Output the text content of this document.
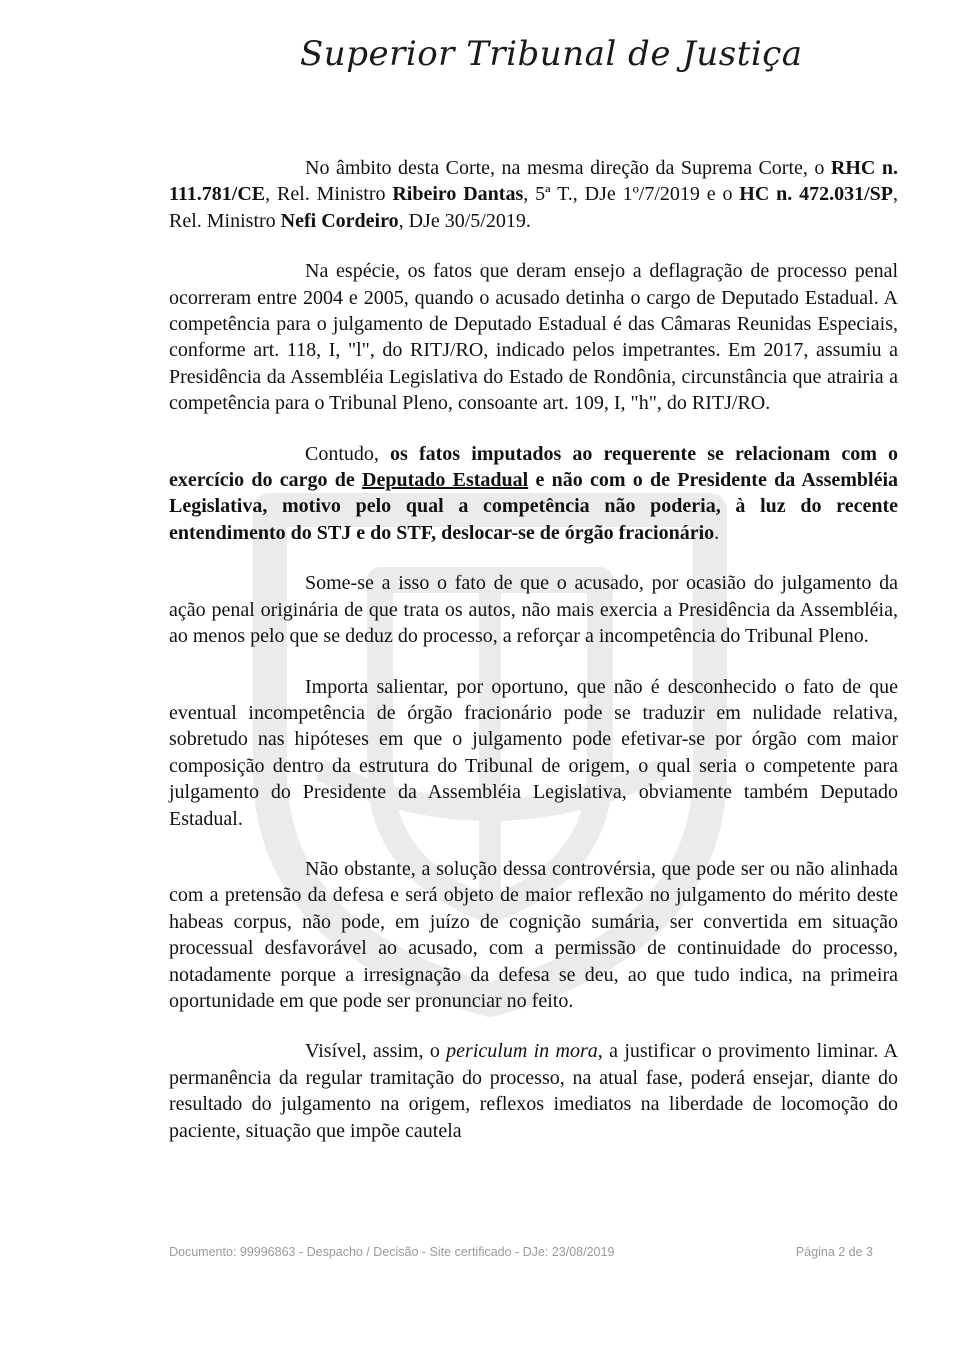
Superior Tribunal de Justiça

No âmbito desta Corte, na mesma direção da Suprema Corte, o RHC n. 111.781/CE, Rel. Ministro Ribeiro Dantas, 5ª T., DJe 1º/7/2019 e o HC n. 472.031/SP, Rel. Ministro Nefi Cordeiro, DJe 30/5/2019.

Na espécie, os fatos que deram ensejo a deflagração de processo penal ocorreram entre 2004 e 2005, quando o acusado detinha o cargo de Deputado Estadual. A competência para o julgamento de Deputado Estadual é das Câmaras Reunidas Especiais, conforme art. 118, I, "l", do RITJ/RO, indicado pelos impetrantes. Em 2017, assumiu a Presidência da Assembléia Legislativa do Estado de Rondônia, circunstância que atrairia a competência para o Tribunal Pleno, consoante art. 109, I, "h", do RITJ/RO.

Contudo, os fatos imputados ao requerente se relacionam com o exercício do cargo de Deputado Estadual e não com o de Presidente da Assembléia Legislativa, motivo pelo qual a competência não poderia, à luz do recente entendimento do STJ e do STF, deslocar-se de órgão fracionário.

Some-se a isso o fato de que o acusado, por ocasião do julgamento da ação penal originária de que trata os autos, não mais exercia a Presidência da Assembléia, ao menos pelo que se deduz do processo, a reforçar a incompetência do Tribunal Pleno.

Importa salientar, por oportuno, que não é desconhecido o fato de que eventual incompetência de órgão fracionário pode se traduzir em nulidade relativa, sobretudo nas hipóteses em que o julgamento pode efetivar-se por órgão com maior composição dentro da estrutura do Tribunal de origem, o qual seria o competente para julgamento do Presidente da Assembléia Legislativa, obviamente também Deputado Estadual.

Não obstante, a solução dessa controvérsia, que pode ser ou não alinhada com a pretensão da defesa e será objeto de maior reflexão no julgamento do mérito deste habeas corpus, não pode, em juízo de cognição sumária, ser convertida em situação processual desfavorável ao acusado, com a permissão de continuidade do processo, notadamente porque a irresignação da defesa se deu, ao que tudo indica, na primeira oportunidade em que pode ser pronunciar no feito.

Visível, assim, o periculum in mora, a justificar o provimento liminar. A permanência da regular tramitação do processo, na atual fase, poderá ensejar, diante do resultado do julgamento na origem, reflexos imediatos na liberdade de locomoção do paciente, situação que impõe cautela

Documento: 99996863 - Despacho / Decisão - Site certificado - DJe: 23/08/2019	Página 2 de 3
